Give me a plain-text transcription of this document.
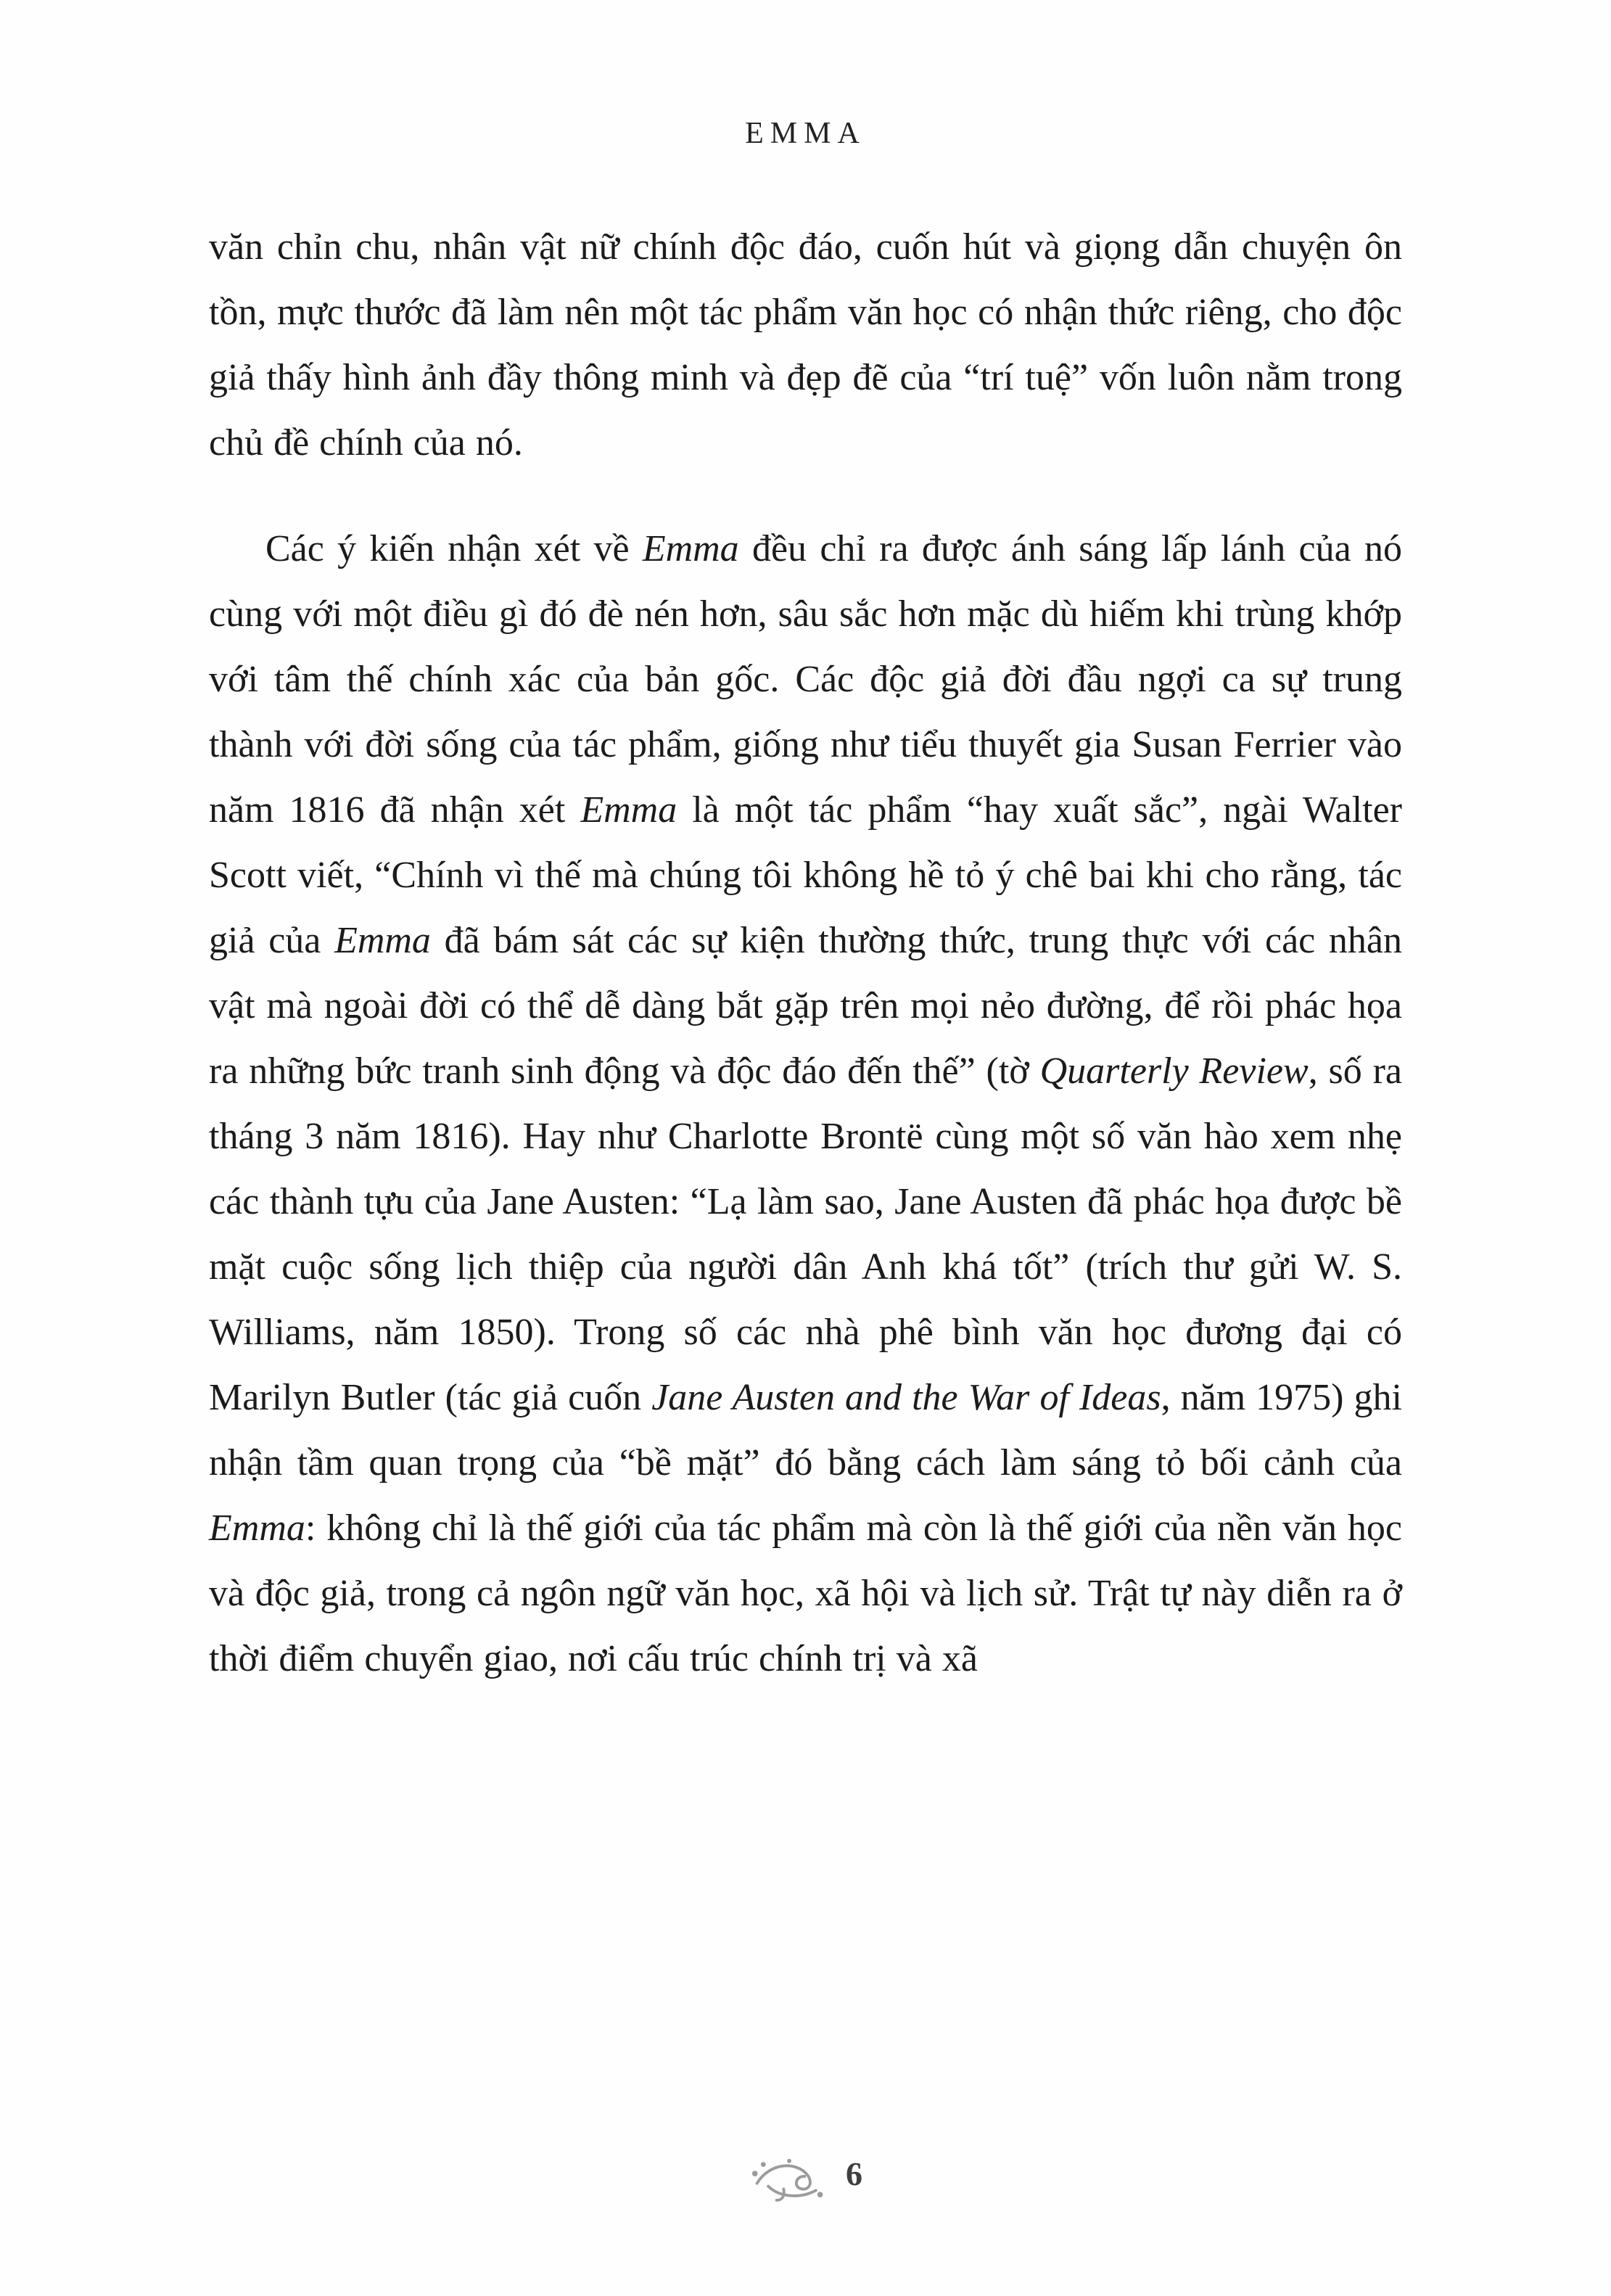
EMMA

văn chỉn chu, nhân vật nữ chính độc đáo, cuốn hút và giọng dẫn chuyện ôn tồn, mực thước đã làm nên một tác phẩm văn học có nhận thức riêng, cho độc giả thấy hình ảnh đầy thông minh và đẹp đẽ của “trí tuệ” vốn luôn nằm trong chủ đề chính của nó.

Các ý kiến nhận xét về Emma đều chỉ ra được ánh sáng lấp lánh của nó cùng với một điều gì đó đè nén hơn, sâu sắc hơn mặc dù hiếm khi trùng khớp với tâm thế chính xác của bản gốc. Các độc giả đời đầu ngợi ca sự trung thành với đời sống của tác phẩm, giống như tiểu thuyết gia Susan Ferrier vào năm 1816 đã nhận xét Emma là một tác phẩm “hay xuất sắc”, ngài Walter Scott viết, “Chính vì thế mà chúng tôi không hề tỏ ý chê bai khi cho rằng, tác giả của Emma đã bám sát các sự kiện thường thức, trung thực với các nhân vật mà ngoài đời có thể dễ dàng bắt gặp trên mọi nẻo đường, để rồi phác họa ra những bức tranh sinh động và độc đáo đến thế” (tờ Quarterly Review, số ra tháng 3 năm 1816). Hay như Charlotte Brontë cùng một số văn hào xem nhẹ các thành tựu của Jane Austen: “Lạ làm sao, Jane Austen đã phác họa được bề mặt cuộc sống lịch thiệp của người dân Anh khá tốt” (trích thư gửi W. S. Williams, năm 1850). Trong số các nhà phê bình văn học đương đại có Marilyn Butler (tác giả cuốn Jane Austen and the War of Ideas, năm 1975) ghi nhận tầm quan trọng của “bề mặt” đó bằng cách làm sáng tỏ bối cảnh của Emma: không chỉ là thế giới của tác phẩm mà còn là thế giới của nền văn học và độc giả, trong cả ngôn ngữ văn học, xã hội và lịch sử. Trật tự này diễn ra ở thời điểm chuyển giao, nơi cấu trúc chính trị và xã

6
